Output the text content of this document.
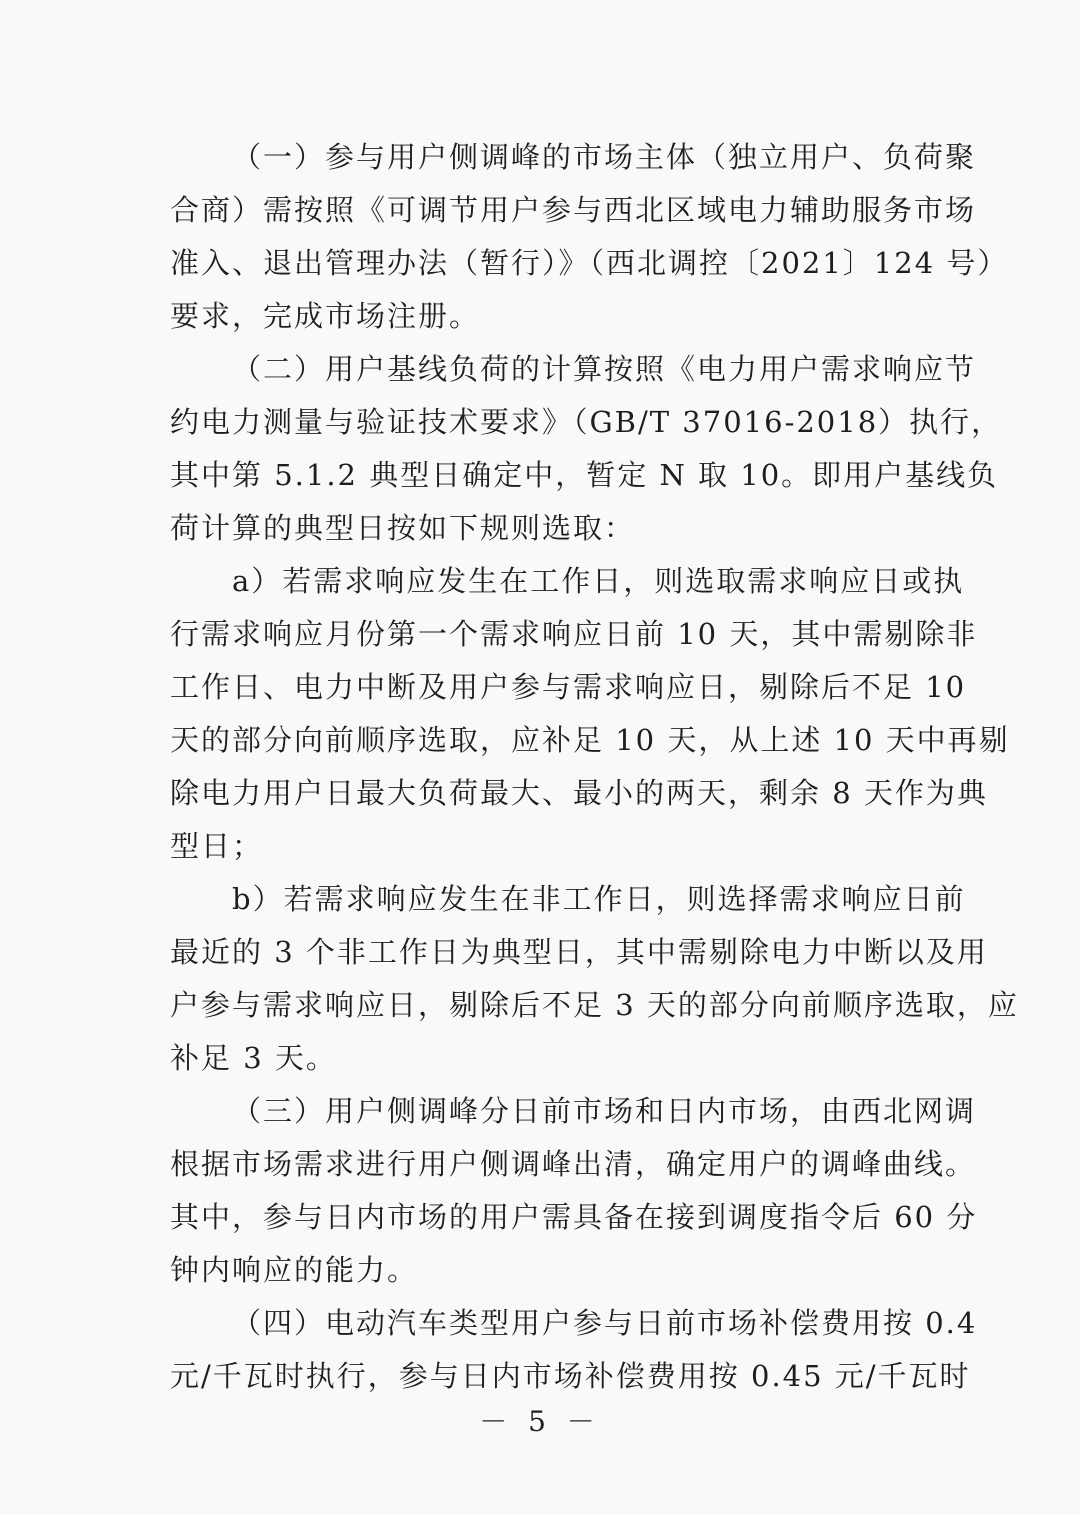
（一）参与用户侧调峰的市场主体（独立用户、负荷聚
合商）需按照《可调节用户参与西北区域电力辅助服务市场
准入、退出管理办法（暂行）》（西北调控〔2021〕124 号）
要求，完成市场注册。
（二）用户基线负荷的计算按照《电力用户需求响应节
约电力测量与验证技术要求》（GB/T 37016-2018）执行，
其中第 5.1.2 典型日确定中，暂定 N 取 10。即用户基线负
荷计算的典型日按如下规则选取：
a）若需求响应发生在工作日，则选取需求响应日或执
行需求响应月份第一个需求响应日前 10 天，其中需剔除非
工作日、电力中断及用户参与需求响应日，剔除后不足 10
天的部分向前顺序选取，应补足 10 天，从上述 10 天中再剔
除电力用户日最大负荷最大、最小的两天，剩余 8 天作为典
型日；
b）若需求响应发生在非工作日，则选择需求响应日前
最近的 3 个非工作日为典型日，其中需剔除电力中断以及用
户参与需求响应日，剔除后不足 3 天的部分向前顺序选取，应
补足 3 天。
（三）用户侧调峰分日前市场和日内市场，由西北网调
根据市场需求进行用户侧调峰出清，确定用户的调峰曲线。
其中，参与日内市场的用户需具备在接到调度指令后 60 分
钟内响应的能力。
（四）电动汽车类型用户参与日前市场补偿费用按 0.4
元/千瓦时执行，参与日内市场补偿费用按 0.45 元/千瓦时
－ 5 －
